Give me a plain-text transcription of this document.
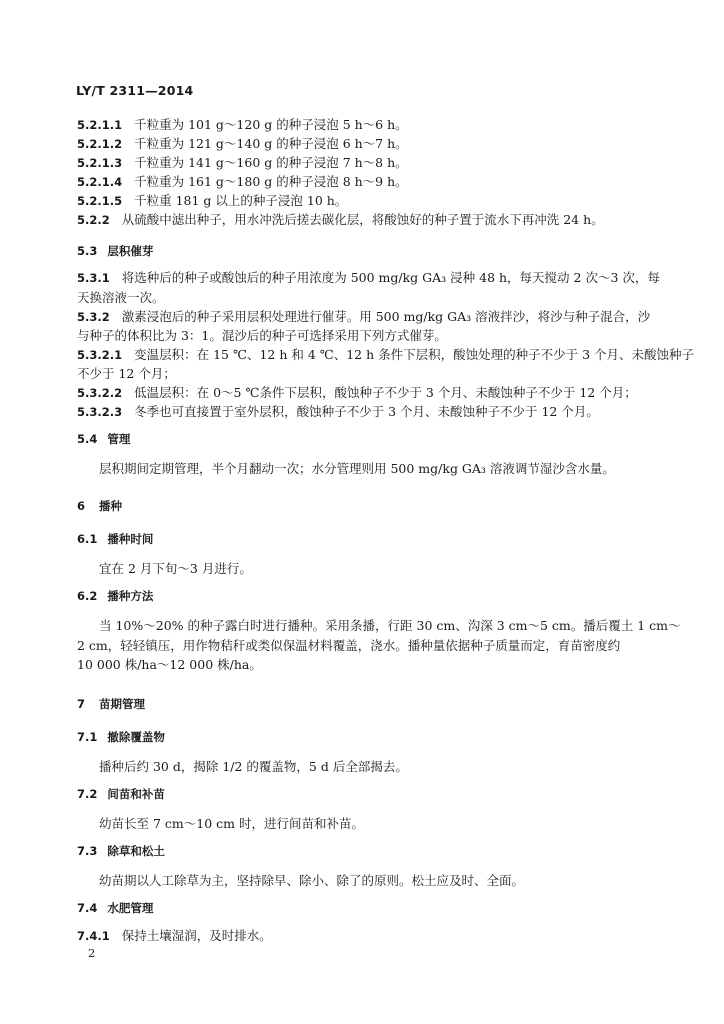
LY/T 2311—2014
5.2.1.1 千粒重为 101 g～120 g 的种子浸泡 5 h～6 h。
5.2.1.2 千粒重为 121 g～140 g 的种子浸泡 6 h～7 h。
5.2.1.3 千粒重为 141 g～160 g 的种子浸泡 7 h～8 h。
5.2.1.4 千粒重为 161 g～180 g 的种子浸泡 8 h～9 h。
5.2.1.5 千粒重 181 g 以上的种子浸泡 10 h。
5.2.2 从硫酸中滤出种子，用水冲洗后搓去碳化层，将酸蚀好的种子置于流水下再冲洗 24 h。
5.3 层积催芽
5.3.1 将选种后的种子或酸蚀后的种子用浓度为 500 mg/kg GA₃ 浸种 48 h，每天搅动 2 次～3 次，每
天换溶液一次。
5.3.2 激素浸泡后的种子采用层积处理进行催芽。用 500 mg/kg GA₃ 溶液拌沙，将沙与种子混合，沙
与种子的体积比为 3：1。混沙后的种子可选择采用下列方式催芽。
5.3.2.1 变温层积：在 15 ℃、12 h 和 4 ℃、12 h 条件下层积，酸蚀处理的种子不少于 3 个月、未酸蚀种子
不少于 12 个月；
5.3.2.2 低温层积：在 0～5 ℃条件下层积，酸蚀种子不少于 3 个月、未酸蚀种子不少于 12 个月；
5.3.2.3 冬季也可直接置于室外层积，酸蚀种子不少于 3 个月、未酸蚀种子不少于 12 个月。
5.4 管理
层积期间定期管理，半个月翻动一次；水分管理则用 500 mg/kg GA₃ 溶液调节湿沙含水量。
6 播种
6.1 播种时间
宜在 2 月下旬～3 月进行。
6.2 播种方法
当 10%～20% 的种子露白时进行播种。采用条播，行距 30 cm、沟深 3 cm～5 cm。播后覆土 1 cm～
2 cm，轻轻镇压，用作物秸秆或类似保温材料覆盖，浇水。播种量依据种子质量而定，育苗密度约
10 000 株/ha～12 000 株/ha。
7 苗期管理
7.1 撤除覆盖物
播种后约 30 d，揭除 1/2 的覆盖物，5 d 后全部揭去。
7.2 间苗和补苗
幼苗长至 7 cm～10 cm 时，进行间苗和补苗。
7.3 除草和松土
幼苗期以人工除草为主，坚持除早、除小、除了的原则。松土应及时、全面。
7.4 水肥管理
7.4.1 保持土壤湿润，及时排水。
2
